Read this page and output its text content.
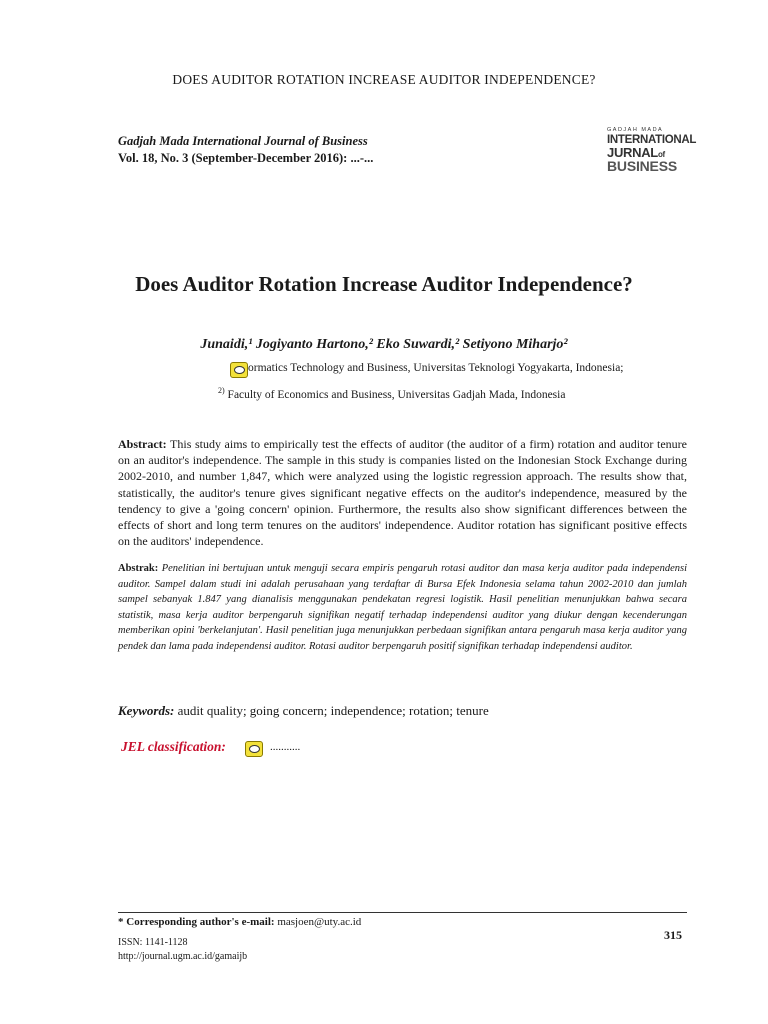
DOES AUDITOR ROTATION INCREASE AUDITOR INDEPENDENCE?
Gadjah Mada International Journal of Business
Vol. 18, No. 3 (September-December 2016): ...-...
GADJAH MADA
INTERNATIONAL
JURNALof
BUSINESS
Does Auditor Rotation Increase Auditor Independence?
Junaidi,¹ Jogiyanto Hartono,² Eko Suwardi,² Setiyono Miharjo²
ormatics Technology and Business, Universitas Teknologi Yogyakarta, Indonesia;
$^{2)}$ Faculty of Economics and Business, Universitas Gadjah Mada, Indonesia
Abstract: This study aims to empirically test the effects of auditor (the auditor of a firm) rotation and auditor tenure on an auditor's independence. The sample in this study is companies listed on the Indonesian Stock Exchange during 2002-2010, and number 1,847, which were analyzed using the logistic regression approach. The results show that, statistically, the auditor's tenure gives significant negative effects on the auditor's independence, measured by the tendency to give a 'going concern' opinion. Furthermore, the results also show significant differences between the effects of short and long term tenures on the auditors' independence. Auditor rotation has significant positive effects on the auditors' independence.
Abstrak: Penelitian ini bertujuan untuk menguji secara empiris pengaruh rotasi auditor dan masa kerja auditor pada independensi auditor. Sampel dalam studi ini adalah perusahaan yang terdaftar di Bursa Efek Indonesia selama tahun 2002-2010 dan jumlah sampel sebanyak 1.847 yang dianalisis menggunakan pendekatan regresi logistik. Hasil penelitian menunjukkan bahwa secara statistik, masa kerja auditor berpengaruh signifikan negatif terhadap independensi auditor yang diukur dengan kecenderungan memberikan opini 'berkelanjutan'. Hasil penelitian juga menunjukkan perbedaan signifikan antara pengaruh masa kerja auditor yang pendek dan lama pada independensi auditor. Rotasi auditor berpengaruh positif signifikan terhadap independensi auditor.
Keywords: audit quality; going concern; independence; rotation; tenure
JEL classification:	...........
* Corresponding author's e-mail: masjoen@uty.ac.id
ISSN: 1141-1128
http://journal.ugm.ac.id/gamaijb
315
